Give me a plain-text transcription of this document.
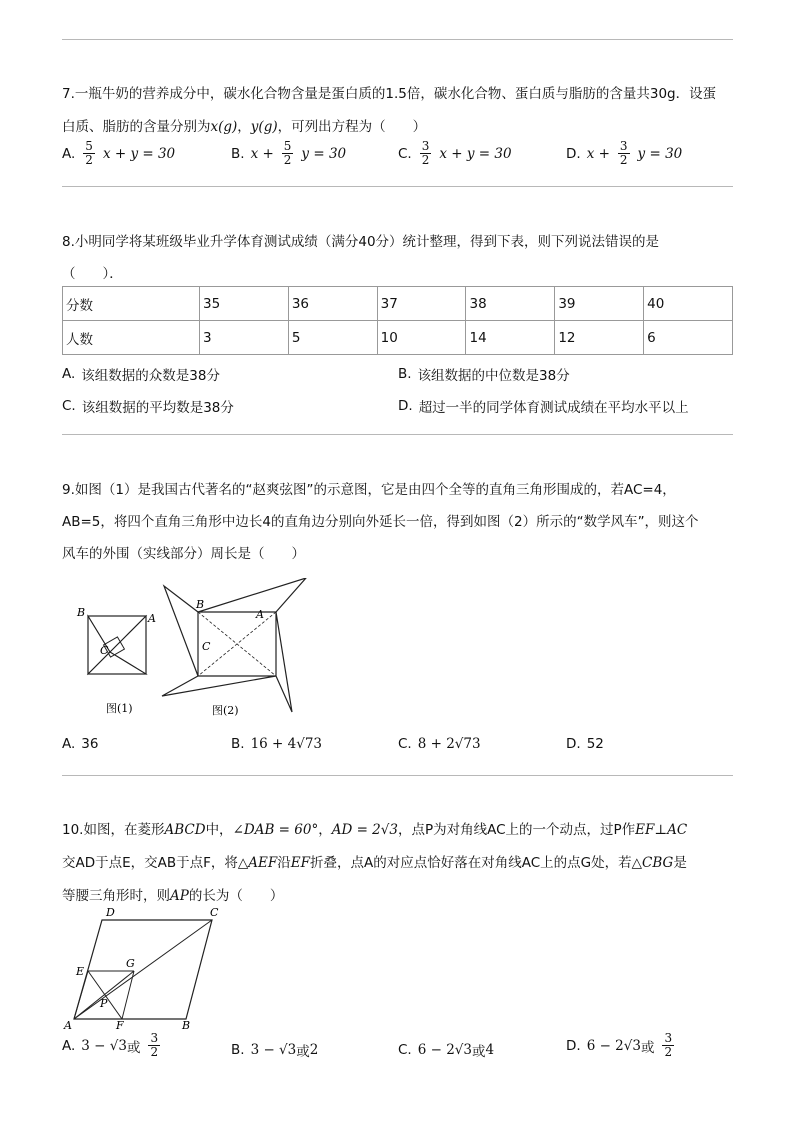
7.一瓶牛奶的营养成分中，碳水化合物含量是蛋白质的1.5倍，碳水化合物、蛋白质与脂肪的含量共30g．设蛋
白质、脂肪的含量分别为x(g)，y(g)，可列出方程为（　　）
A. $\frac{5}{2}$ x + y = 30	B. $x + \frac{5}{2}$ y = 30	C. $\frac{3}{2}$ x + y = 30	D. $x + \frac{3}{2}$ y = 30
8.小明同学将某班级毕业升学体育测试成绩（满分40分）统计整理，得到下表，则下列说法错误的是
（　　）．
分数	35	36	37	38	39	40
人数	3	5	10	14	12	6
A. 该组数据的众数是38分	B. 该组数据的中位数是38分
C. 该组数据的平均数是38分	D. 超过一半的同学体育测试成绩在平均水平以上
9.如图（1）是我国古代著名的“赵爽弦图”的示意图，它是由四个全等的直角三角形围成的，若AC=4，
AB=5，将四个直角三角形中边长4的直角边分别向外延长一倍，得到如图（2）所示的“数学风车”，则这个
风车的外围（实线部分）周长是（　　）
B	A
C
图(1)
B
A
C
图(2)
A. 36	B. 16 + 4√73	C. 8 + 2√73	D. 52
10.如图，在菱形ABCD中，∠DAB = 60°，AD = 2√3，点P为对角线AC上的一个动点，过P作EF⊥AC
交AD于点E，交AB于点F，将△AEF沿EF折叠，点A的对应点恰好落在对角线AC上的点G处，若△CBG是
等腰三角形时，则AP的长为（　　）
D	C
E
G
P
A	F	B
A. 3 − √3 或 $\frac{3}{2}$	B. 3 − √3 或 2	C. 6 − 2√3 或 4	D. 6 − 2√3 或 $\frac{3}{2}$
